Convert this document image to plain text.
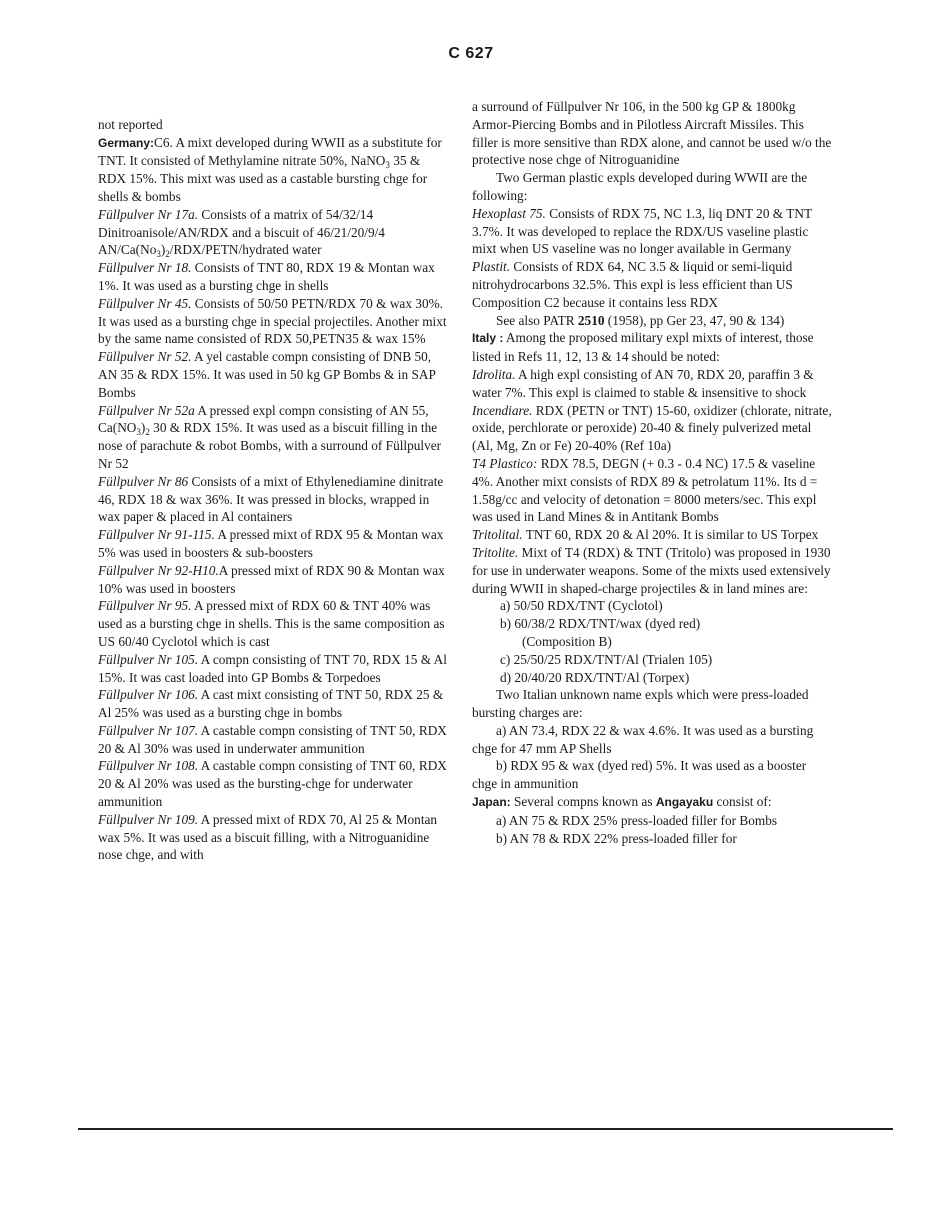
C 627

not reported

Germany:C6. A mixt developed during WWII as a substitute for TNT. It consisted of Methylamine nitrate 50%, NaNO$_3$ 35 & RDX 15%. This mixt was used as a castable bursting chge for shells & bombs

Füllpulver Nr 17a. Consists of a matrix of 54/32/14 Dinitroanisole/AN/RDX and a biscuit of 46/21/20/9/4 $AN/Ca(No_3)_2/RDX/PETN$/hydrated water

Füllpulver Nr 18. Consists of TNT 80, RDX 19 & Montan wax 1%. It was used as a bursting chge in shells

Füllpulver Nr 45. Consists of 50/50 PETN/RDX 70 & wax 30%. It was used as a bursting chge in special projectiles. Another mixt by the same name consisted of RDX 50,PETN35 & wax 15%

Füllpulver Nr 52. A yel castable compn consisting of DNB 50, AN 35 & RDX 15%. It was used in 50 kg GP Bombs & in SAP Bombs

Füllpulver Nr 52a A pressed expl compn consisting of AN 55, $Ca(NO_3)_2$ 30 & RDX 15%. It was used as a biscuit filling in the nose of parachute & robot Bombs, with a surround of Füllpulver Nr 52

Füllpulver Nr 86 Consists of a mixt of Ethylenediamine dinitrate 46, RDX 18 & wax 36%. It was pressed in blocks, wrapped in wax paper & placed in Al containers

Füllpulver Nr 91-115. A pressed mixt of RDX 95 & Montan wax 5% was used in boosters & sub-boosters

Füllpulver Nr 92-H10.A pressed mixt of RDX 90 & Montan wax 10% was used in boosters

Füllpulver Nr 95. A pressed mixt of RDX 60 & TNT 40% was used as a bursting chge in shells. This is the same composition as US 60/40 Cyclotol which is cast

Füllpulver Nr 105. A compn consisting of TNT 70, RDX 15 & Al 15%. It was cast loaded into GP Bombs & Torpedoes

Füllpulver Nr 106. A cast mixt consisting of TNT 50, RDX 25 & Al 25% was used as a bursting chge in bombs

Füllpulver Nr 107. A castable compn consisting of TNT 50, RDX 20 & Al 30% was used in underwater ammunition

Füllpulver Nr 108. A castable compn consisting of TNT 60, RDX 20 & Al 20% was used as the bursting-chge for underwater ammunition

Füllpulver Nr 109. A pressed mixt of RDX 70, Al 25 & Montan wax 5%. It was used as a biscuit filling, with a Nitroguanidine nose chge, and with

a surround of Füllpulver Nr 106, in the 500 kg GP & 1800kg Armor-Piercing Bombs and in Pilotless Aircraft Missiles. This filler is more sensitive than RDX alone, and cannot be used w/o the protective nose chge of Nitroguanidine

Two German plastic expls developed during WWII are the following:

Hexoplast 75. Consists of RDX 75, NC 1.3, liq DNT 20 & TNT 3.7%. It was developed to replace the RDX/US vaseline plastic mixt when US vaseline was no longer available in Germany

Plastit. Consists of RDX 64, NC 3.5 & liquid or semi-liquid nitrohydrocarbons 32.5%. This expl is less efficient than US Composition C2 because it contains less RDX

See also PATR 2510 (1958), pp Ger 23, 47, 90 & 134)

Italy : Among the proposed military expl mixts of interest, those listed in Refs 11, 12, 13 & 14 should be noted:

Idrolita. A high expl consisting of AN 70, RDX 20, paraffin 3 & water 7%. This expl is claimed to stable & insensitive to shock

Incendiare. RDX (PETN or TNT) 15-60, oxidizer (chlorate, nitrate, oxide, perchlorate or peroxide) 20-40 & finely pulverized metal (Al, Mg, Zn or Fe) 20-40% (Ref 10a)

T4 Plastico: RDX 78.5, DEGN (+ 0.3 - 0.4 NC) 17.5 & vaseline 4%. Another mixt consists of RDX 89 & petrolatum 11%. Its d = 1.58g/cc and velocity of detonation = 8000 meters/sec. This expl was used in Land Mines & in Antitank Bombs

Tritolital. TNT 60, RDX 20 & Al 20%. It is similar to US Torpex

Tritolite. Mixt of T4 (RDX) & TNT (Tritolo) was proposed in 1930 for use in underwater weapons. Some of the mixts used extensively during WWII in shaped-charge projectiles & in land mines are:

a) 50/50 RDX/TNT (Cyclotol)

b) 60/38/2 RDX/TNT/wax (dyed red)

(Composition B)

c) 25/50/25 RDX/TNT/Al (Trialen 105)

d) 20/40/20 RDX/TNT/Al (Torpex)

Two Italian unknown name expls which were press-loaded bursting charges are:

a) AN 73.4, RDX 22 & wax 4.6%. It was used as a bursting chge for 47 mm AP Shells

b) RDX 95 & wax (dyed red) 5%. It was used as a booster chge in ammunition

Japan: Several compns known as Angayaku consist of:

a) AN 75 & RDX 25% press-loaded filler for Bombs

b) AN 78 & RDX 22% press-loaded filler for
